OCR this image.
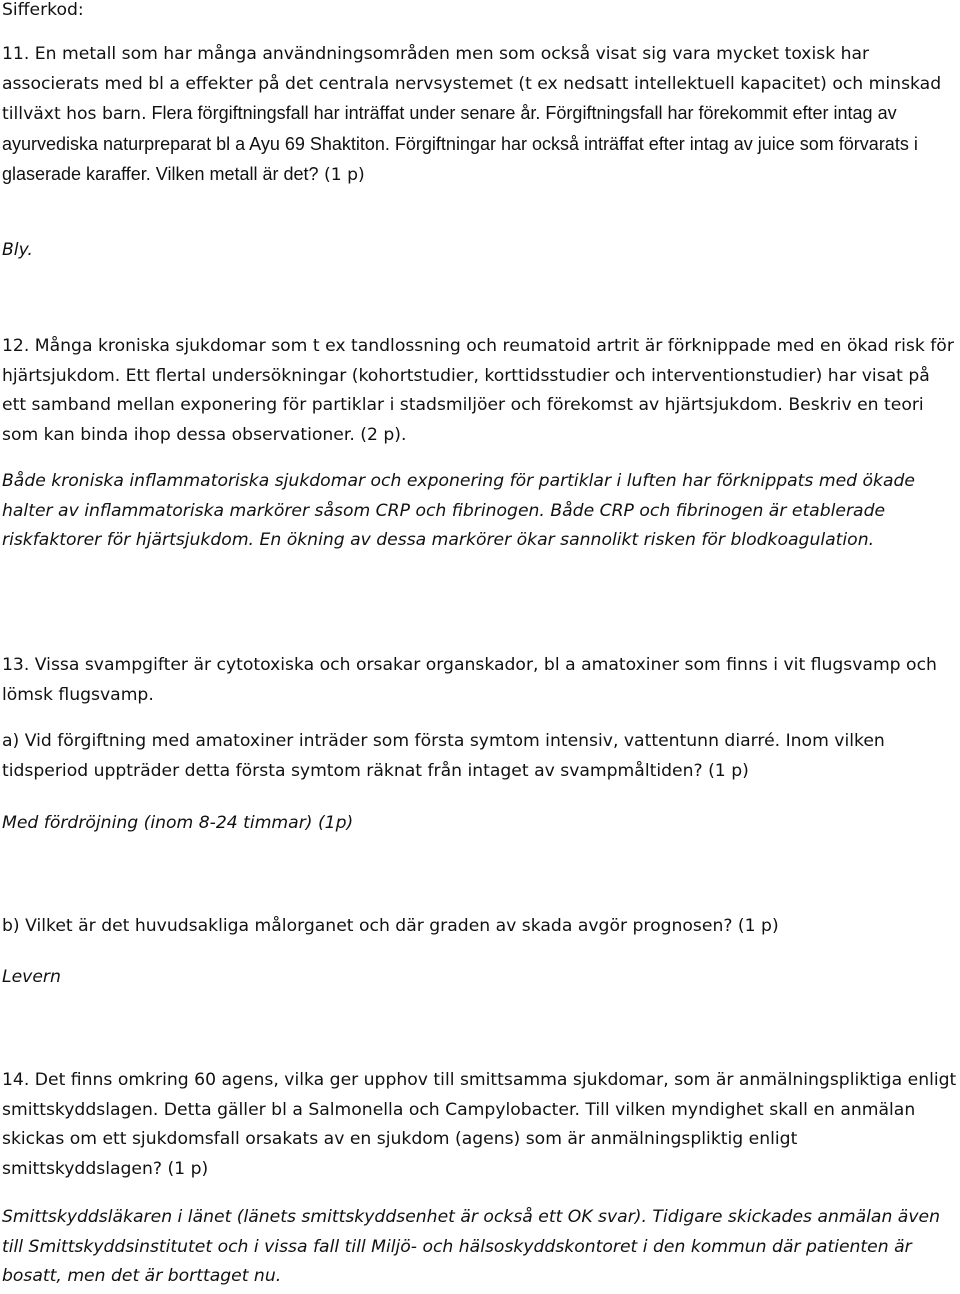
Sifferkod:

11. En metall som har många användningsområden men som också visat sig vara mycket toxisk har associerats med bl a effekter på det centrala nervsystemet (t ex nedsatt intellektuell kapacitet) och minskad tillväxt hos barn. Flera förgiftningsfall har inträffat under senare år. Förgiftningsfall har förekommit efter intag av ayurvediska naturpreparat bl a Ayu 69 Shaktiton. Förgiftningar har också inträffat efter intag av juice som förvarats i glaserade karaffer. Vilken metall är det? (1 p)

Bly.

12. Många kroniska sjukdomar som t ex tandlossning och reumatoid artrit är förknippade med en ökad risk för hjärtsjukdom. Ett flertal undersökningar (kohortstudier, korttidsstudier och interventionstudier) har visat på ett samband mellan exponering för partiklar i stadsmiljöer och förekomst av hjärtsjukdom. Beskriv en teori som kan binda ihop dessa observationer. (2 p).

Både kroniska inflammatoriska sjukdomar och exponering för partiklar i luften har förknippats med ökade halter av inflammatoriska markörer såsom CRP och fibrinogen. Både CRP och fibrinogen är etablerade riskfaktorer för hjärtsjukdom. En ökning av dessa markörer ökar sannolikt risken för blodkoagulation.

13. Vissa svampgifter är cytotoxiska och orsakar organskador, bl a amatoxiner som finns i vit flugsvamp och lömsk flugsvamp.

a) Vid förgiftning med amatoxiner inträder som första symtom intensiv, vattentunn diarré. Inom vilken tidsperiod uppträder detta första symtom räknat från intaget av svampmåltiden? (1 p)

Med fördröjning (inom 8-24 timmar) (1p)

b) Vilket är det huvudsakliga målorganet och där graden av skada avgör prognosen? (1 p)

Levern

14. Det finns omkring 60 agens, vilka ger upphov till smittsamma sjukdomar, som är anmälningspliktiga enligt smittskyddslagen. Detta gäller bl a Salmonella och Campylobacter. Till vilken myndighet skall en anmälan skickas om ett sjukdomsfall orsakats av en sjukdom (agens) som är anmälningspliktig enligt smittskyddslagen? (1 p)

Smittskyddsläkaren i länet (länets smittskyddsenhet är också ett OK svar). Tidigare skickades anmälan även till Smittskyddsinstitutet och i vissa fall till Miljö- och hälsoskyddskontoret i den kommun där patienten är bosatt, men det är borttaget nu.
